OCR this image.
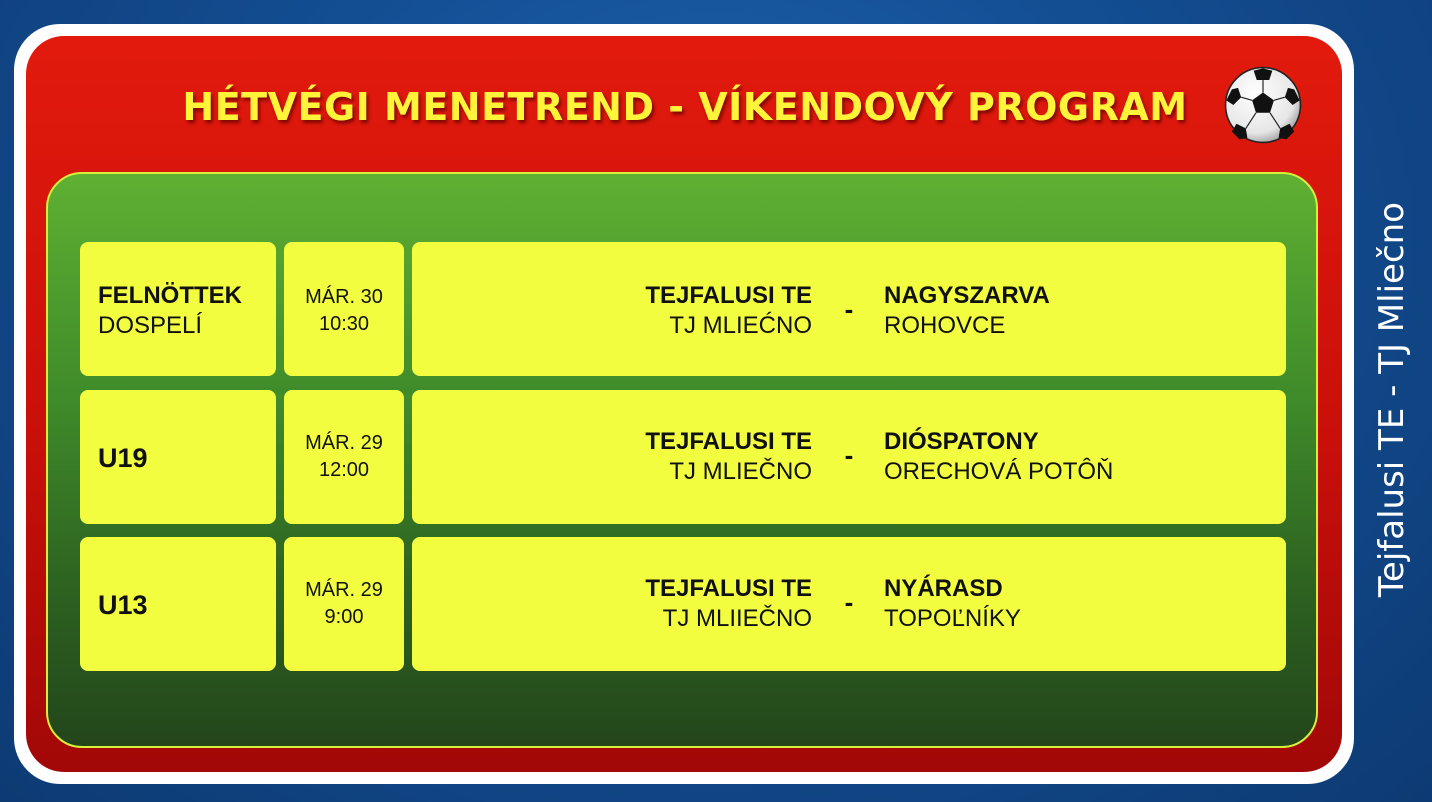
HÉTVÉGI MENETREND - VÍKENDOVÝ PROGRAM
FELNÖTTEK
DOSPELÍ
MÁR. 30
10:30
TEJFALUSI TE
TJ MLIEĆNO
- NAGYSZARVA
ROHOVCE
U19	MÁR. 29
12:00
TEJFALUSI TE
TJ MLIEČNO
- DIÓSPATONY
ORECHOVÁ POTÔŇ
U13	MÁR. 29
9:00
TEJFALUSI TE
TJ MLIIEČNO
- NYÁRASD
TOPOĽNÍKY
Tejfalusi TE - TJ Mliečno
